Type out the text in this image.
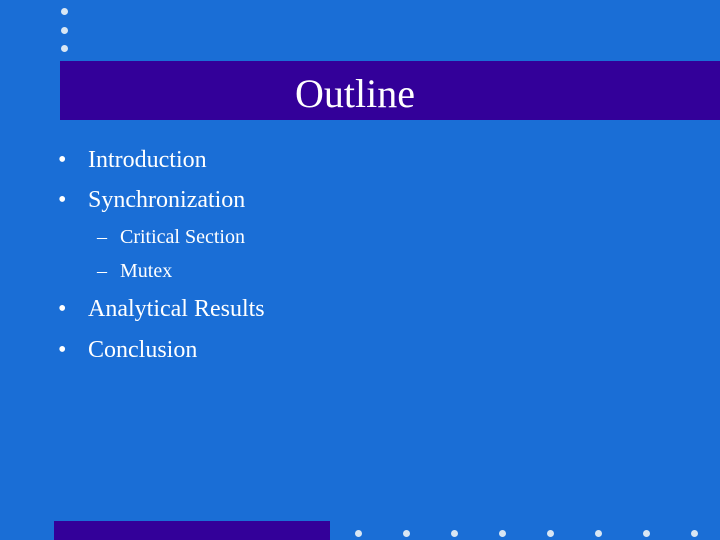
Outline
• Introduction
• Synchronization
– Critical Section
– Mutex
• Analytical Results
• Conclusion
